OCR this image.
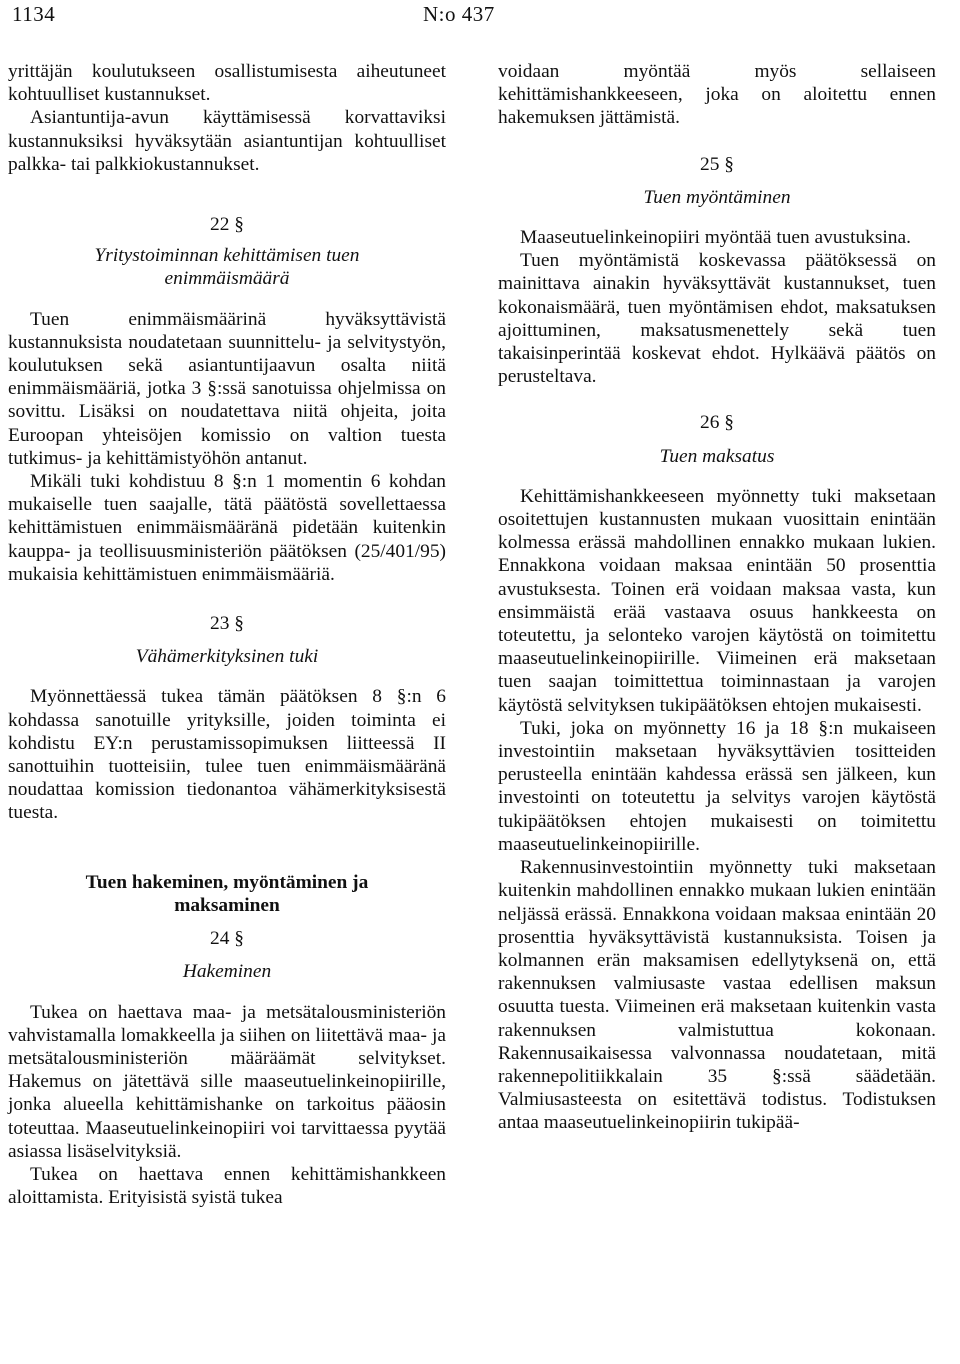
1134	N:o 437

yrittäjän koulutukseen osallistumisesta aiheutuneet kohtuulliset kustannukset.

Asiantuntija-avun käyttämisessä korvattaviksi kustannuksiksi hyväksytään asiantuntijan kohtuulliset palkka- tai palkkiokustannukset.

22 §

Yritystoiminnan kehittämisen tuen enimmäismäärä

Tuen enimmäismäärinä hyväksyttävistä kustannuksista noudatetaan suunnittelu- ja selvitystyön, koulutuksen sekä asiantuntijaavun osalta niitä enimmäismääriä, jotka 3 §:ssä sanotuissa ohjelmissa on sovittu. Lisäksi on noudatettava niitä ohjeita, joita Euroopan yhteisöjen komissio on valtion tuesta tutkimus- ja kehittämistyöhön antanut.

Mikäli tuki kohdistuu 8 §:n 1 momentin 6 kohdan mukaiselle tuen saajalle, tätä päätöstä sovellettaessa kehittämistuen enimmäismääränä pidetään kuitenkin kauppa- ja teollisuusministeriön päätöksen (25/401/95) mukaisia kehittämistuen enimmäismääriä.

23 §

Vähämerkityksinen tuki

Myönnettäessä tukea tämän päätöksen 8 §:n 6 kohdassa sanotuille yrityksille, joiden toiminta ei kohdistu EY:n perustamissopimuksen liitteessä II sanottuihin tuotteisiin, tulee tuen enimmäismääränä noudattaa komission tiedonantoa vähämerkityksisestä tuesta.

Tuen hakeminen, myöntäminen ja maksaminen

24 §

Hakeminen

Tukea on haettava maa- ja metsätalousministeriön vahvistamalla lomakkeella ja siihen on liitettävä maa- ja metsätalousministeriön määräämät selvitykset. Hakemus on jätettävä sille maaseutuelinkeinopiirille, jonka alueella kehittämishanke on tarkoitus pääosin toteuttaa. Maaseutuelinkeinopiiri voi tarvittaessa pyytää asiassa lisäselvityksiä.

Tukea on haettava ennen kehittämishankkeen aloittamista. Erityisistä syistä tukea

voidaan myöntää myös sellaiseen kehittämishankkeeseen, joka on aloitettu ennen hakemuksen jättämistä.

25 §

Tuen myöntäminen

Maaseutuelinkeinopiiri myöntää tuen avustuksina.

Tuen myöntämistä koskevassa päätöksessä on mainittava ainakin hyväksyttävät kustannukset, tuen kokonaismäärä, tuen myöntämisen ehdot, maksatuksen ajoittuminen, maksatusmenettely sekä tuen takaisinperintää koskevat ehdot. Hylkäävä päätös on perusteltava.

26 §

Tuen maksatus

Kehittämishankkeeseen myönnetty tuki maksetaan osoitettujen kustannusten mukaan vuosittain enintään kolmessa erässä mahdollinen ennakko mukaan lukien. Ennakkona voidaan maksaa enintään 50 prosenttia avustuksesta. Toinen erä voidaan maksaa vasta, kun ensimmäistä erää vastaava osuus hankkeesta on toteutettu, ja selonteko varojen käytöstä on toimitettu maaseutuelinkeinopiirille. Viimeinen erä maksetaan tuen saajan toimittettua toiminnastaan ja varojen käytöstä selvityksen tukipäätöksen ehtojen mukaisesti.

Tuki, joka on myönnetty 16 ja 18 §:n mukaiseen investointiin maksetaan hyväksyttävien tositteiden perusteella enintään kahdessa erässä sen jälkeen, kun investointi on toteutettu ja selvitys varojen käytöstä tukipäätöksen ehtojen mukaisesti on toimitettu maaseutuelinkeinopiirille.

Rakennusinvestointiin myönnetty tuki maksetaan kuitenkin mahdollinen ennakko mukaan lukien enintään neljässä erässä. Ennakkona voidaan maksaa enintään 20 prosenttia hyväksyttävistä kustannuksista. Toisen ja kolmannen erän maksamisen edellytyksenä on, että rakennuksen valmiusaste vastaa edellisen maksun osuutta tuesta. Viimeinen erä maksetaan kuitenkin vasta rakennuksen valmistuttua kokonaan. Rakennusaikaisessa valvonnassa noudatetaan, mitä rakennepolitiikkalain 35 §:ssä säädetään. Valmiusasteesta on esitettävä todistus. Todistuksen antaa maaseutuelinkeinopiirin tukipää-
